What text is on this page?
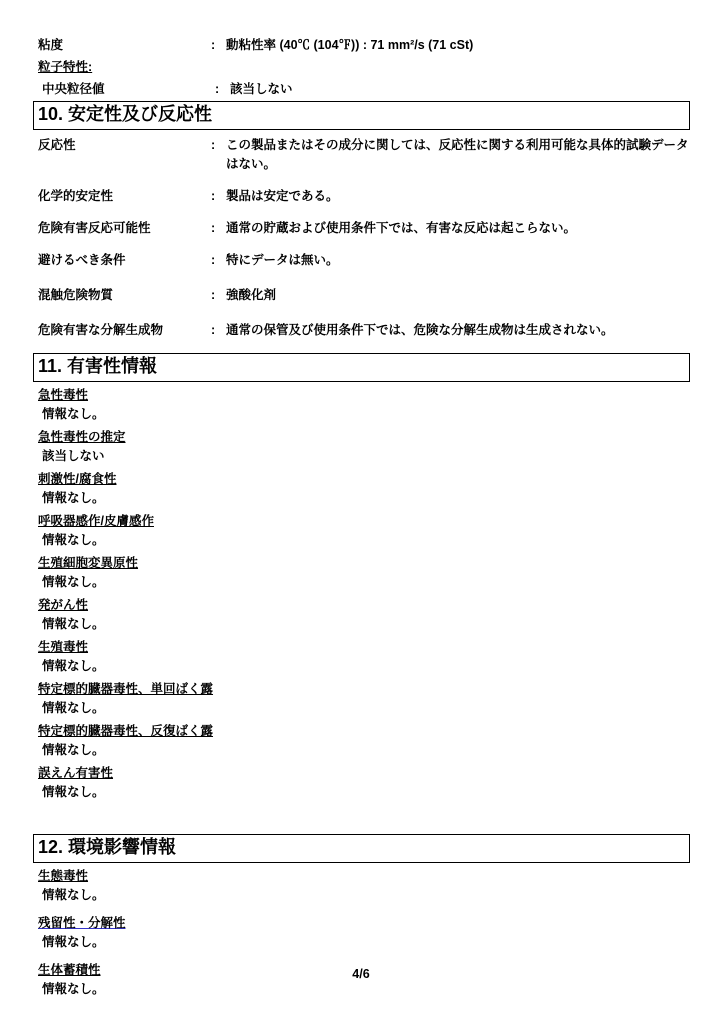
粘度	: 動粘性率 (40℃ (104℉)) : 71 mm²/s (71 cSt)
粒子特性:
中央粒径値	: 該当しない
10. 安定性及び反応性
反応性	: この製品またはその成分に関しては、反応性に関する利用可能な具体的試験データはない。
化学的安定性	: 製品は安定である。
危険有害反応可能性	: 通常の貯蔵および使用条件下では、有害な反応は起こらない。
避けるべき条件	: 特にデータは無い。
混触危険物質	: 強酸化剤
危険有害な分解生成物	: 通常の保管及び使用条件下では、危険な分解生成物は生成されない。
11. 有害性情報
急性毒性
情報なし。
急性毒性の推定
該当しない
刺激性/腐食性
情報なし。
呼吸器感作/皮膚感作
情報なし。
生殖細胞変異原性
情報なし。
発がん性
情報なし。
生殖毒性
情報なし。
特定標的臓器毒性、単回ばく露
情報なし。
特定標的臓器毒性、反復ばく露
情報なし。
誤えん有害性
情報なし。
12. 環境影響情報
生態毒性
情報なし。
残留性・分解性
情報なし。
生体蓄積性
情報なし。
4/6
